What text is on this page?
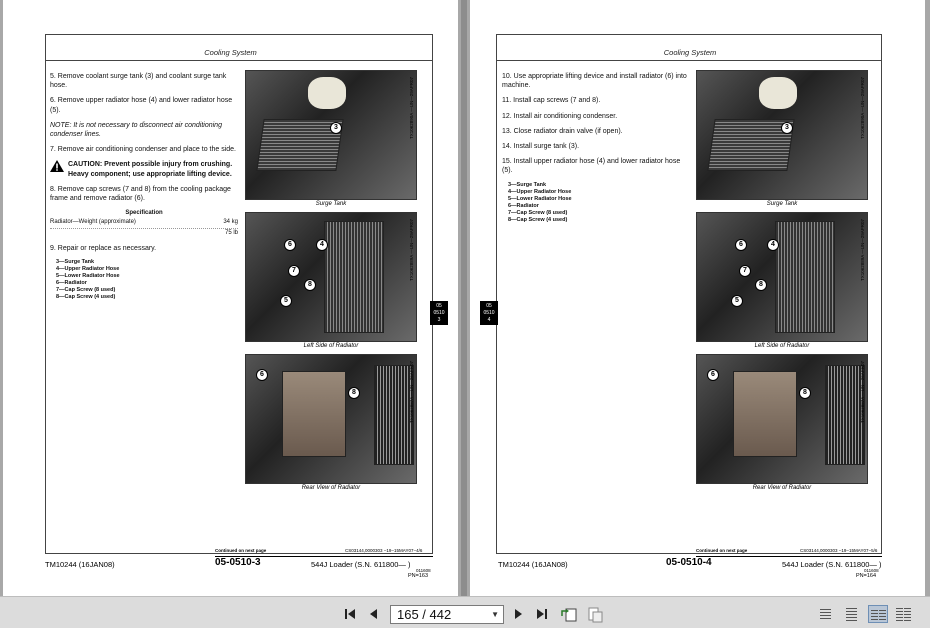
Cooling System
5. Remove coolant surge tank (3) and coolant surge tank hose.
6. Remove upper radiator hose (4) and lower radiator hose (5).
NOTE: It is not necessary to disconnect air conditioning condenser lines.
7. Remove air conditioning condenser and place to the side.
CAUTION: Prevent possible injury from crushing. Heavy component; use appropriate lifting device.
8. Remove cap screws (7 and 8) from the cooling package frame and remove radiator (6).
Specification
Radiator—Weight (approximate)	34 kg
75 lb
9. Repair or replace as necessary.
3—Surge Tank
4—Upper Radiator Hose
5—Lower Radiator Hose
6—Radiator
7—Cap Screw (8 used)
8—Cap Screw (4 used)
3	TX1062890A —UN—29APR07
Surge Tank
6	4
7
8
5
TX1062889A —UN—29APR07
Left Side of Radiator
6
8	TX1062887A —UN—26APR07
Rear View of Radiator
05
0510
3
Continued on next page	CS03144,0000303 −19−15MAY07−4/6
TM10244 (16JAN08)	05-0510-3	544J Loader (S.N. 611800— )
011608
PN=163
Cooling System
05
0510
4
10. Use appropriate lifting device and install radiator (6) into machine.
11. Install cap screws (7 and 8).
12. Install air conditioning condenser.
13. Close radiator drain valve (if open).
14. Install surge tank (3).
15. Install upper radiator hose (4) and lower radiator hose (5).
3—Surge Tank
4—Upper Radiator Hose
5—Lower Radiator Hose
6—Radiator
7—Cap Screw (8 used)
8—Cap Screw (4 used)
3	TX1062890A —UN—29APR07
Surge Tank
6	4
7
8
5
TX1062889A —UN—29APR07
Left Side of Radiator
6
8	TX1062887A —UN—26APR07
Rear View of Radiator
Continued on next page	CS03144,0000303 −19−15MAY07−5/6
TM10244 (16JAN08)	05-0510-4	544J Loader (S.N. 611800— )
011608
PN=164
165 / 442	▼
